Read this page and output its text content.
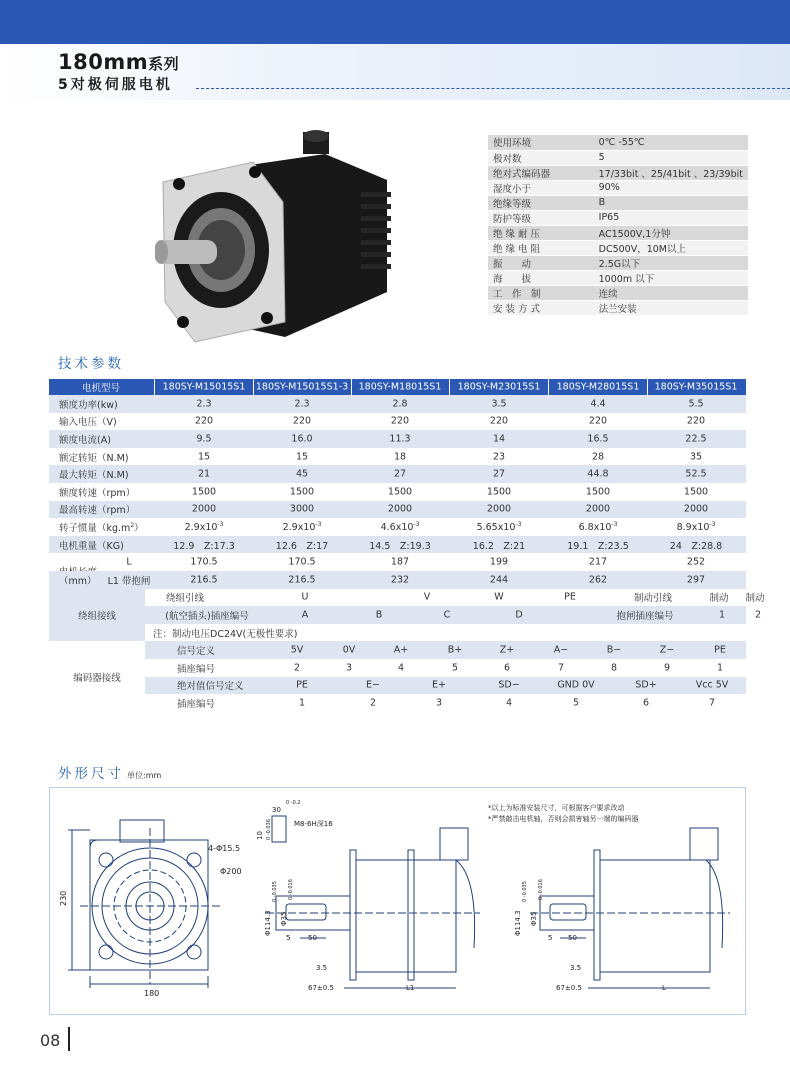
180mm系列
5对极伺服电机
使用环境	0℃ -55℃
极对数	5
绝对式编码器	17/33bit 、25/41bit 、23/39bit
湿度小于	90%
绝缘等级	B
防护等级	IP65
绝 缘 耐 压	AC1500V,1分钟
绝 缘 电 阻	DC500V，10M以上
振　　动	2.5G以下
海　　拔	1000m 以下
工　作　制	连续
安 装 方 式	法兰安装
技术参数
电机型号	180SY-M15015S1 180SY-M15015S1-3 180SY-M18015S1 180SY-M23015S1 180SY-M28015S1 180SY-M35015S1
额度功率(kw)	2.3	2.3	2.8	3.5	4.4	5.5
输入电压（V)	220	220	220	220	220	220
额度电流(A)	9.5	16.0	11.3	14	16.5	22.5
额定转矩（N.M)	15	15	18	23	28	35
最大转矩（N.M)	21	45	27	27	44.8	52.5
额度转速（rpm）	1500	1500	1500	1500	1500	1500
最高转速（rpm）	2000	3000	2000	2000	2000	2000
转子惯量$(kg.m^2)$	$2.9x10^{-3}$	$2.9x10^{-3}$	$4.6x10^{-3}$	$5.65x10^{-3}$	$6.8x10^{-3}$	$8.9x10^{-3}$
电机重量（KG)	12.9　Z:17.3	12.6　Z:17	14.5　Z:19.3	16.2　Z:21	19.1　Z:23.5	24　Z:28.8
L	170.5	170.5	187	199	217	252
（mm） L1 带抱闸	216.5	216.5	232	244	262	297
绕组接线
绕组引线	U	V	W	PE	制动引线	制动 制动
(航空插头)插座编号	A	B	C	D	抱闸插座编号	1	2
注：制动电压DC24V(无极性要求)
编码器接线
信号定义	5V	0V	A+	B+	Z+	A−	B−	Z−	PE
插座编号	2	3	4	5	6	7	8	9	1
绝对值信号定义	PE	E−	E+	SD−	GND 0V	SD+	Vcc 5V
插座编号	1	2	3	4	5	6	7
外形尺寸 单位:mm
4-Φ15.5
Φ200
230
180
30
0 -0.2
M8-6H深16
10 0 -0.036
Φ114.3
0 -0.035
Φ35
0 -0.016
5	50
3.5
67±0.5	L1
Φ114.3
0 -0.035
Φ35
0 -0.016
5 50
3.5
67±0.5	L
*以上为标准安装尺寸，可根据客户要求改动
*严禁敲击电机轴，否则会损害轴另一端的编码器
08
